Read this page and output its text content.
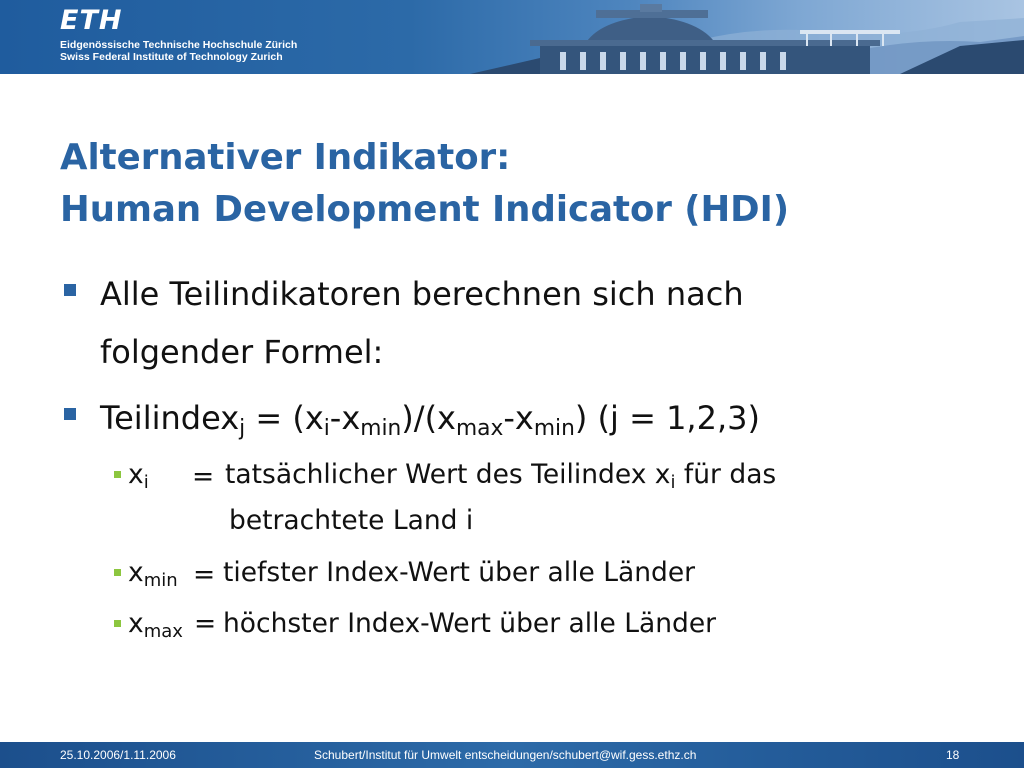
ETH
Eidgenössische Technische Hochschule Zürich
Swiss Federal Institute of Technology Zurich
Alternativer Indikator:
Human Development Indicator (HDI)
Alle Teilindikatoren berechnen sich nach
folgender Formel:
Teilindex$_j$ = $(x_i-x_{min})/(x_{max}-x_{min}) (j = 1,2,3)$
$x_i$ = tatsächlicher Wert des Teilindex $x_i$ für das
betrachtete Land i
$x_{min}$ = tiefster Index-Wert über alle Länder
$x_{max}$ = höchster Index-Wert über alle Länder
25.10.2006/1.11.2006	Schubert/Institut für Umwelt entscheidungen/schubert@wif.gess.ethz.ch	18
